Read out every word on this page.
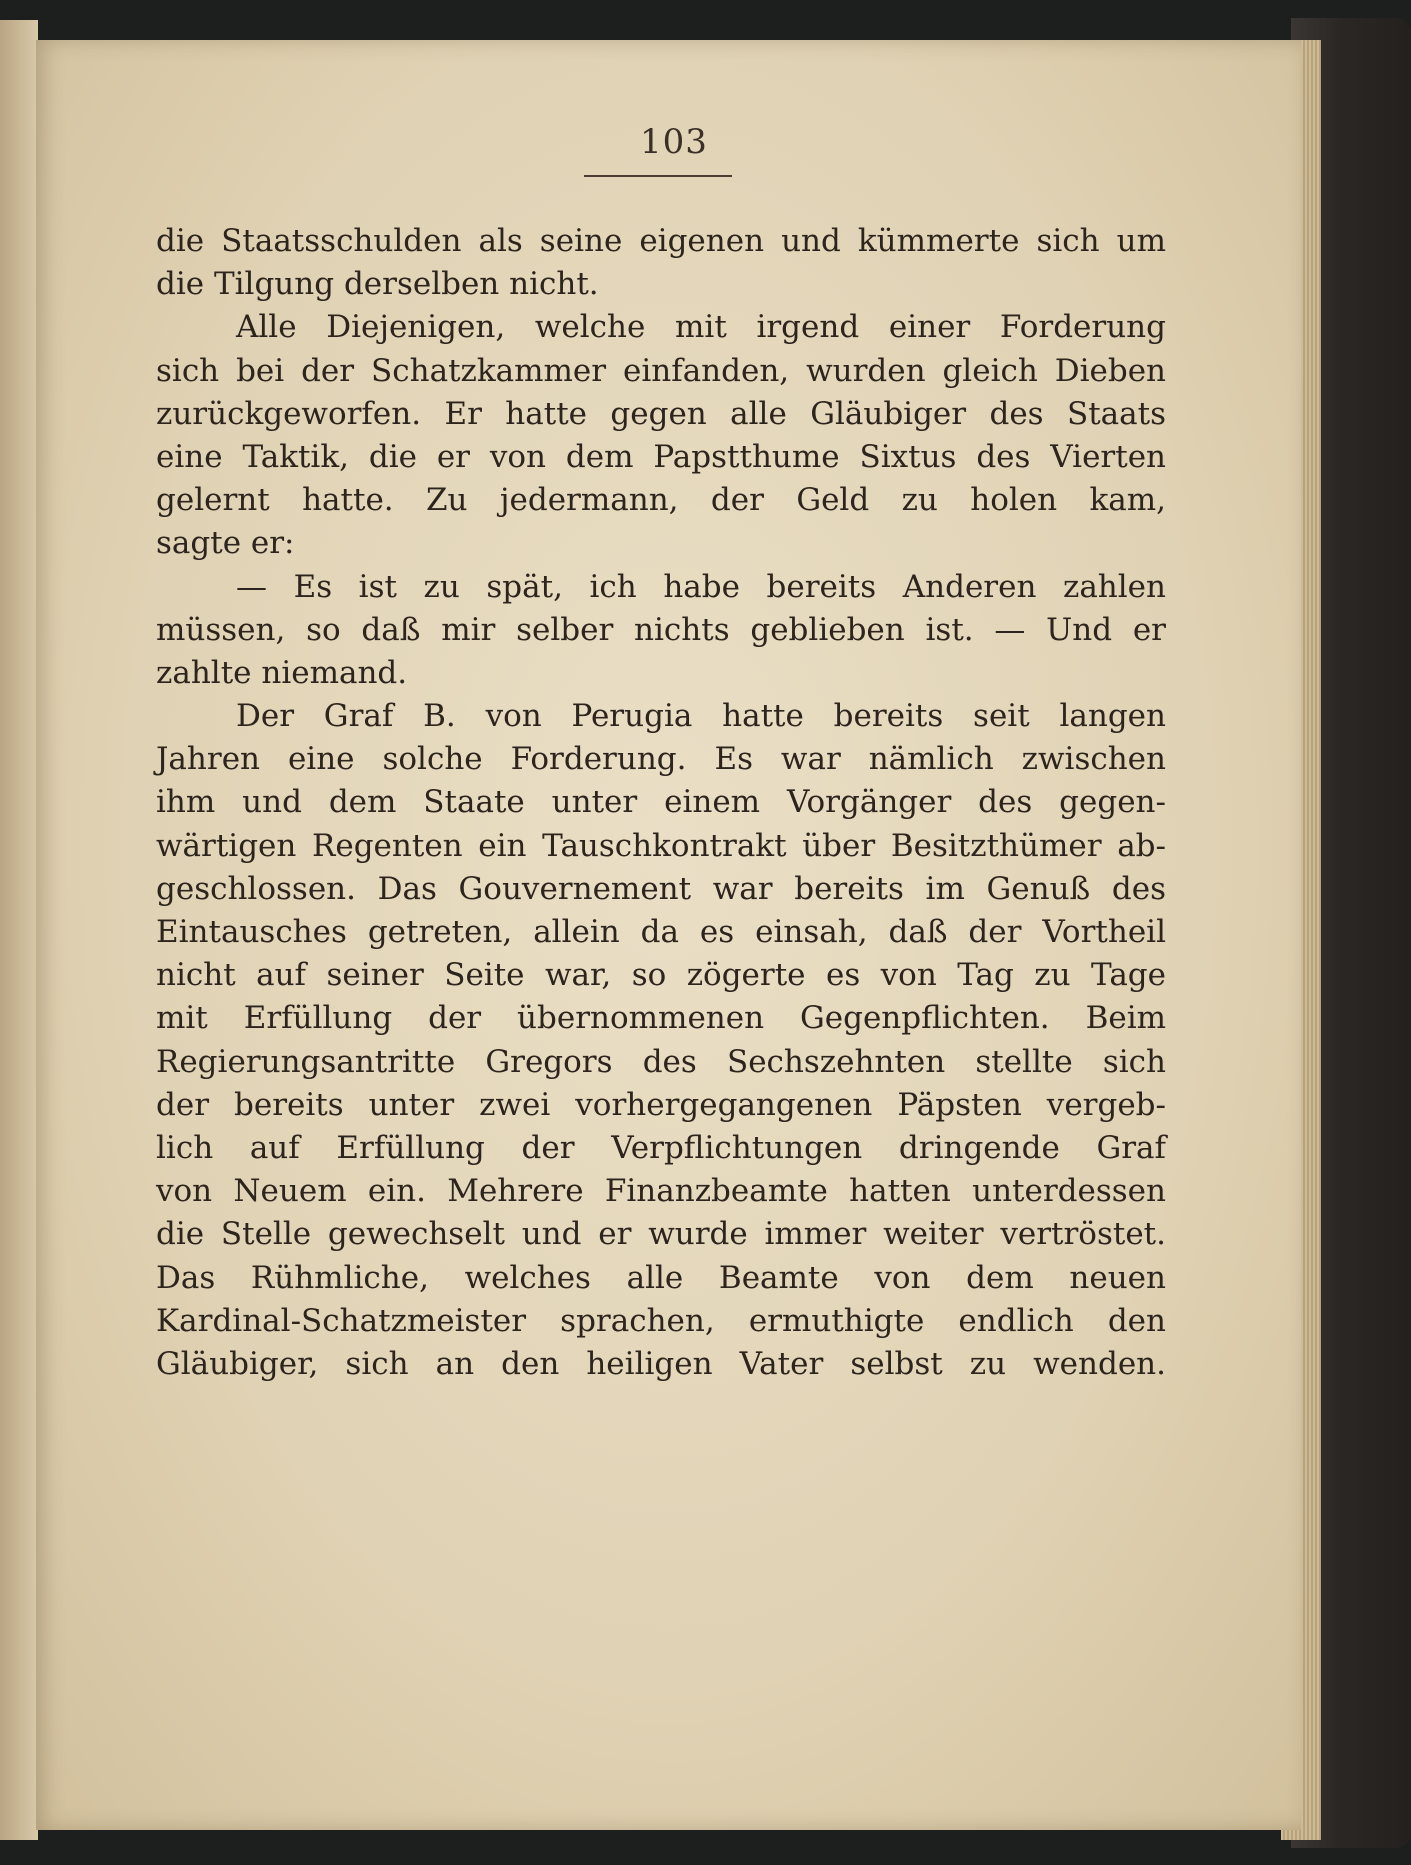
103
die Staatsschulden als seine eigenen und kümmerte sich um
die Tilgung derselben nicht.
Alle Diejenigen, welche mit irgend einer Forderung
sich bei der Schatzkammer einfanden, wurden gleich Dieben
zurückgeworfen. Er hatte gegen alle Gläubiger des Staats
eine Taktik, die er von dem Papstthume Sixtus des Vierten
gelernt hatte. Zu jedermann, der Geld zu holen kam,
sagte er:
— Es ist zu spät, ich habe bereits Anderen zahlen
müssen, so daß mir selber nichts geblieben ist. — Und er
zahlte niemand.
Der Graf B. von Perugia hatte bereits seit langen
Jahren eine solche Forderung. Es war nämlich zwischen
ihm und dem Staate unter einem Vorgänger des gegen-
wärtigen Regenten ein Tauschkontrakt über Besitzthümer ab-
geschlossen. Das Gouvernement war bereits im Genuß des
Eintausches getreten, allein da es einsah, daß der Vortheil
nicht auf seiner Seite war, so zögerte es von Tag zu Tage
mit Erfüllung der übernommenen Gegenpflichten. Beim
Regierungsantritte Gregors des Sechszehnten stellte sich
der bereits unter zwei vorhergegangenen Päpsten vergeb-
lich auf Erfüllung der Verpflichtungen dringende Graf
von Neuem ein. Mehrere Finanzbeamte hatten unterdessen
die Stelle gewechselt und er wurde immer weiter vertröstet.
Das Rühmliche, welches alle Beamte von dem neuen
Kardinal-Schatzmeister sprachen, ermuthigte endlich den
Gläubiger, sich an den heiligen Vater selbst zu wenden.
